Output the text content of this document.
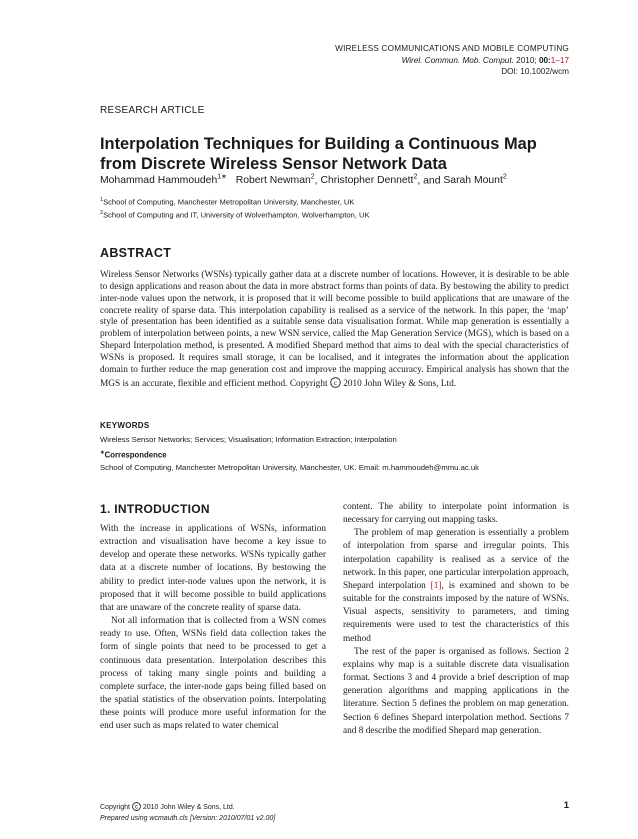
WIRELESS COMMUNICATIONS AND MOBILE COMPUTING
Wirel. Commun. Mob. Comput. 2010; 00:1–17
DOI: 10.1002/wcm
RESEARCH ARTICLE
Interpolation Techniques for Building a Continuous Map from Discrete Wireless Sensor Network Data
Mohammad Hammoudeh$^{1∗}$ Robert Newman$^2$, Christopher Dennett$^2$, and Sarah Mount$^2$
$^1$School of Computing, Manchester Metropolitan University, Manchester, UK
$^2$School of Computing and IT, University of Wolverhampton, Wolverhampton, UK
ABSTRACT

Wireless Sensor Networks (WSNs) typically gather data at a discrete number of locations. However, it is desirable to be able to design applications and reason about the data in more abstract forms than points of data. By bestowing the ability to predict inter-node values upon the network, it is proposed that it will become possible to build applications that are unaware of the concrete reality of sparse data. This interpolation capability is realised as a service of the network. In this paper, the ‘map’ style of presentation has been identified as a suitable sense data visualisation format. While map generation is essentially a problem of interpolation between points, a new WSN service, called the Map Generation Service (MGS), which is based on a Shepard Interpolation method, is presented. A modified Shepard method that aims to deal with the special characteristics of WSNs is proposed. It requires small storage, it can be localised, and it integrates the information about the application domain to further reduce the map generation cost and improve the mapping accuracy. Empirical analysis has shown that the MGS is an accurate, flexible and efficient method. Copyright c 2010 John Wiley & Sons, Ltd.

KEYWORDS
Wireless Sensor Networks; Services; Visualisation; Information Extraction; Interpolation
∗Correspondence
School of Computing, Manchester Metropolitan University, Manchester, UK. Email: m.hammoudeh@mmu.ac.uk
1. INTRODUCTION

With the increase in applications of WSNs, information extraction and visualisation have become a key issue to develop and operate these networks. WSNs typically gather data at a discrete number of locations. By bestowing the ability to predict inter-node values upon the network, it is proposed that it will become possible to build applications that are unaware of the concrete reality of sparse data.

Not all information that is collected from a WSN comes ready to use. Often, WSNs field data collection takes the form of single points that need to be processed to get a continuous data presentation. Interpolation describes this process of taking many single points and building a complete surface, the inter-node gaps being filled based on the spatial statistics of the observation points. Interpolating these points will produce more useful information for the end user such as maps related to water chemical

content. The ability to interpolate point information is necessary for carrying out mapping tasks.

The problem of map generation is essentially a problem of interpolation from sparse and irregular points. This interpolation capability is realised as a service of the network. In this paper, one particular interpolation approach, Shepard interpolation [1], is examined and shown to be suitable for the constraints imposed by the nature of WSNs. Visual aspects, sensitivity to parameters, and timing requirements were used to test the characteristics of this method

The rest of the paper is organised as follows. Section 2 explains why map is a suitable discrete data visualisation format. Sections 3 and 4 provide a brief description of map generation algorithms and mapping applications in the literature. Section 5 defines the problem on map generation. Section 6 defines Shepard interpolation method. Sections 7 and 8 describe the modified Shepard map generation.

Copyright c 2010 John Wiley & Sons, Ltd.
Prepared using wcmauth.cls [Version: 2010/07/01 v2.00]
1
